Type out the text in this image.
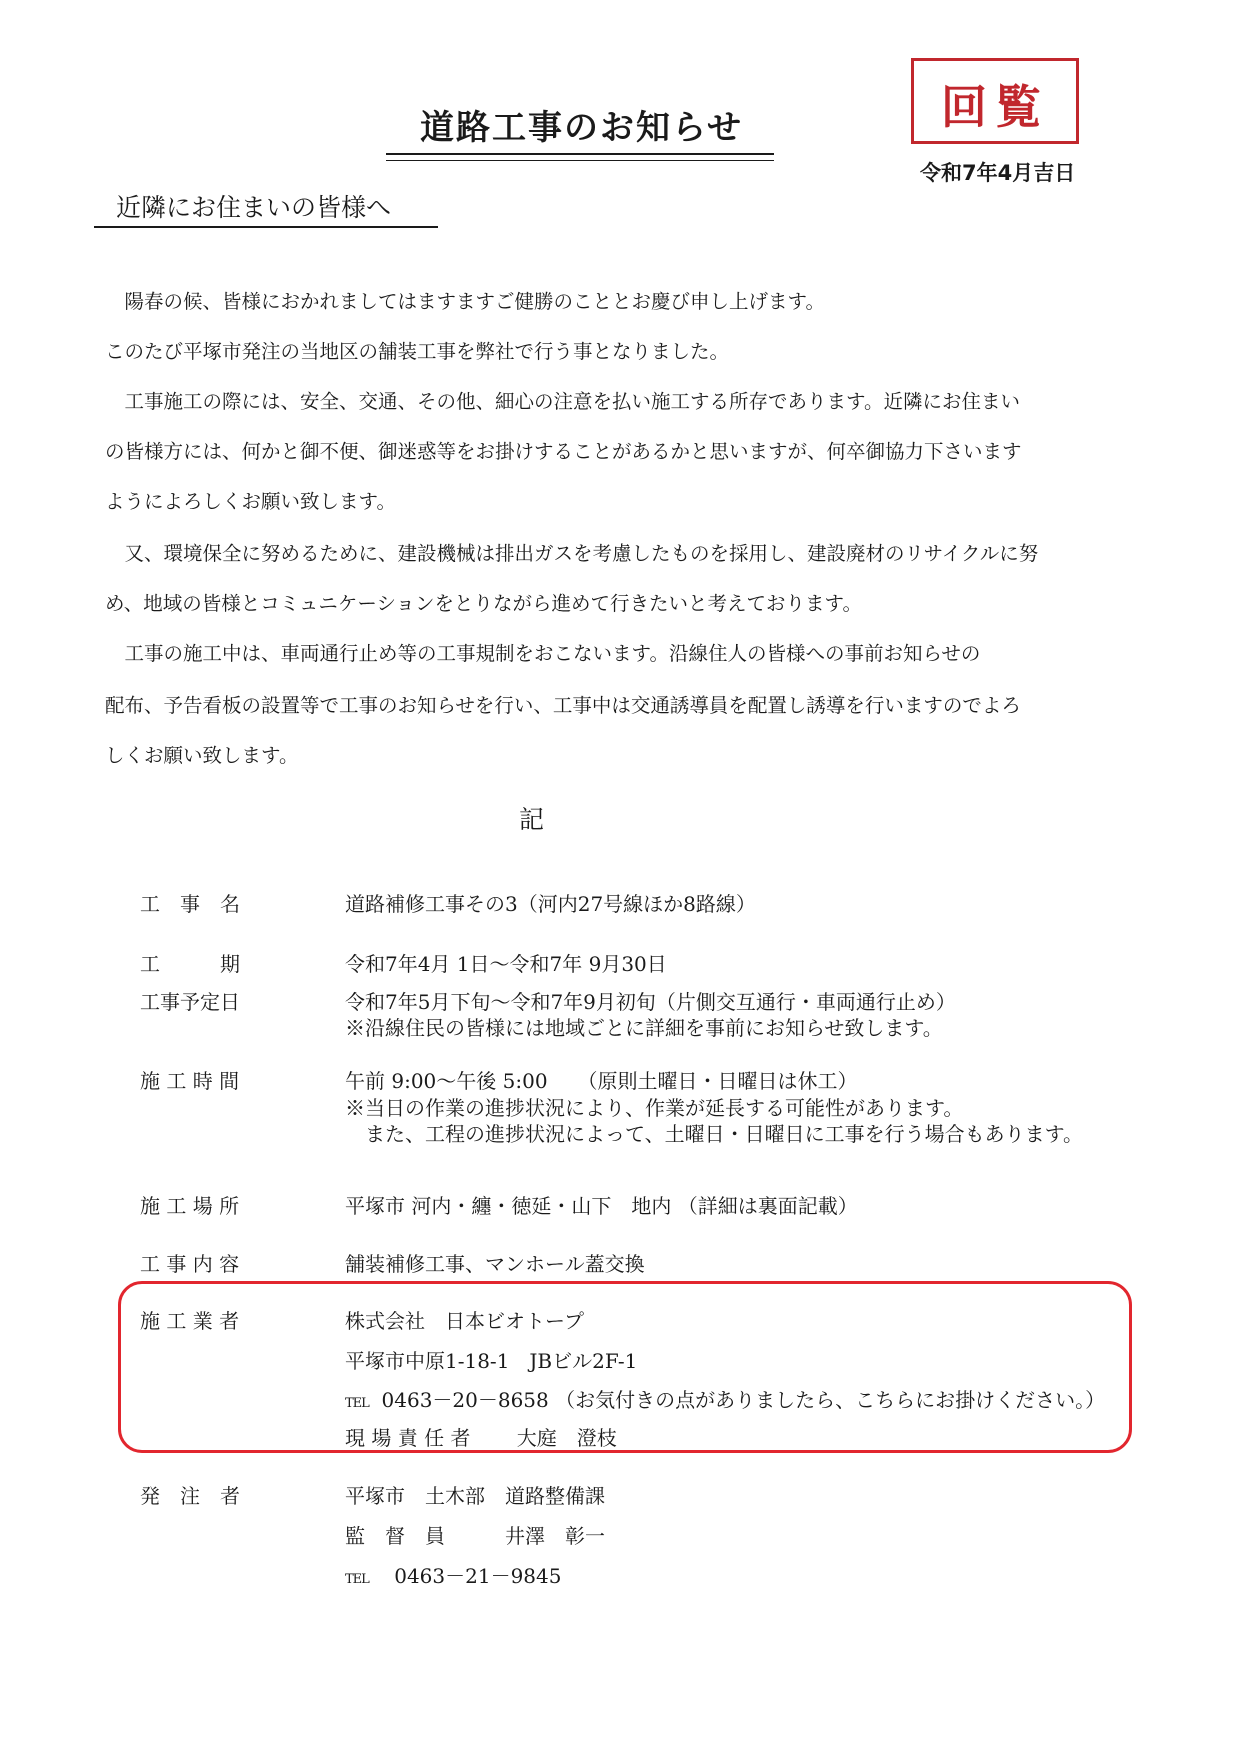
道路工事のお知らせ	回覧
令和7年4月吉日
近隣にお住まいの皆様へ
　陽春の候、皆様におかれましてはますますご健勝のこととお慶び申し上げます。
このたび平塚市発注の当地区の舗装工事を弊社で行う事となりました。
　工事施工の際には、安全、交通、その他、細心の注意を払い施工する所存であります。近隣にお住まい
の皆様方には、何かと御不便、御迷惑等をお掛けすることがあるかと思いますが、何卒御協力下さいます
ようによろしくお願い致します。
　又、環境保全に努めるために、建設機械は排出ガスを考慮したものを採用し、建設廃材のリサイクルに努
め、地域の皆様とコミュニケーションをとりながら進めて行きたいと考えております。
　工事の施工中は、車両通行止め等の工事規制をおこないます。沿線住人の皆様への事前お知らせの
配布、予告看板の設置等で工事のお知らせを行い、工事中は交通誘導員を配置し誘導を行いますのでよろ
しくお願い致します。
記
工　事　名	道路補修工事その3（河内27号線ほか8路線）
工　　　期	令和7年4月 1日～令和7年 9月30日
工事予定日	令和7年5月下旬～令和7年9月初旬（片側交互通行・車両通行止め）
※沿線住民の皆様には地域ごとに詳細を事前にお知らせ致します。
施 工 時 間	午前 9:00～午後 5:00　　（原則土曜日・日曜日は休工）
※当日の作業の進捗状況により、作業が延長する可能性があります。
　また、工程の進捗状況によって、土曜日・日曜日に工事を行う場合もあります。
施 工 場 所	平塚市 河内・纏・徳延・山下　地内 （詳細は裏面記載）
工 事 内 容	舗装補修工事、マンホール蓋交換
施 工 業 者	株式会社　日本ビオトープ
平塚市中原1-18-1　JBビル2F-1
TEL 0463－20－8658 （お気付きの点がありましたら、こちらにお掛けください。）
現 場 責 任 者　　 大庭　澄枝
発　注　者	平塚市　土木部　道路整備課
監　督　員　　　井澤　彰一
TEL 0463－21－9845
